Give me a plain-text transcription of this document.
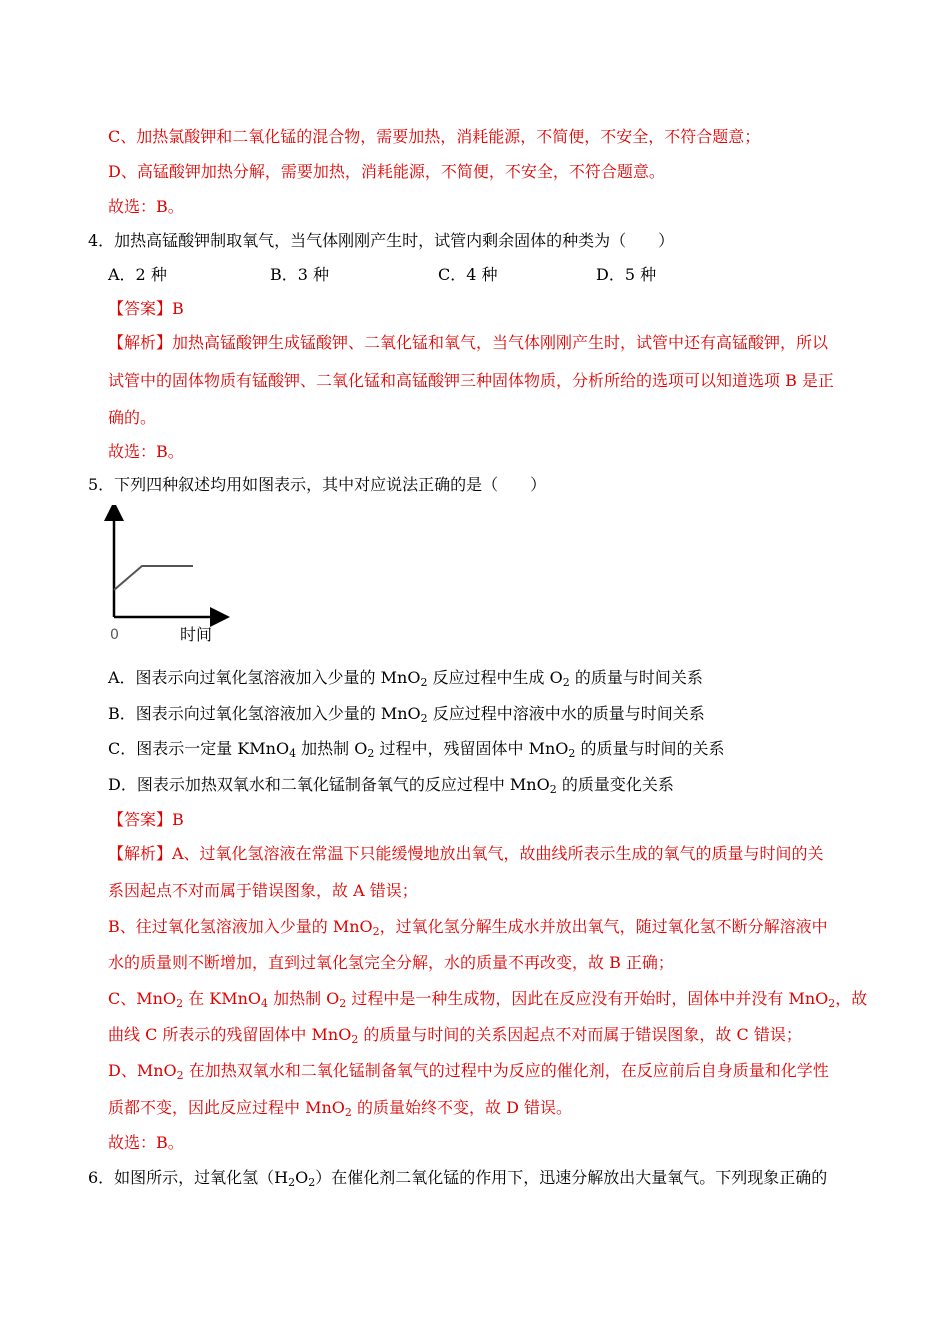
C、加热氯酸钾和二氧化锰的混合物，需要加热，消耗能源，不简便，不安全，不符合题意；
D、高锰酸钾加热分解，需要加热，消耗能源，不简便，不安全，不符合题意。
故选：B。
4．加热高锰酸钾制取氧气，当气体刚刚产生时，试管内剩余固体的种类为（　　）
A．2 种	B．3 种	C．4 种	D．5 种
【答案】B
【解析】加热高锰酸钾生成锰酸钾、二氧化锰和氧气，当气体刚刚产生时，试管中还有高锰酸钾，所以
试管中的固体物质有锰酸钾、二氧化锰和高锰酸钾三种固体物质，分析所给的选项可以知道选项 B 是正
确的。
故选：B。
5．下列四种叙述均用如图表示，其中对应说法正确的是（　　）
0	时间
A．图表示向过氧化氢溶液加入少量的 MnO$_2$ 反应过程中生成 $O_2$ 的质量与时间关系
B．图表示向过氧化氢溶液加入少量的 MnO$_2$ 反应过程中溶液中水的质量与时间关系
C．图表示一定量 KMnO$_4$ 加热制 $O_2$ 过程中，残留固体中 MnO$_2$ 的质量与时间的关系
D．图表示加热双氧水和二氧化锰制备氧气的反应过程中 MnO$_2$ 的质量变化关系
【答案】B
【解析】A、过氧化氢溶液在常温下只能缓慢地放出氧气，故曲线所表示生成的氧气的质量与时间的关
系因起点不对而属于错误图象，故 A 错误；
B、往过氧化氢溶液加入少量的 MnO$_2$，过氧化氢分解生成水并放出氧气，随过氧化氢不断分解溶液中
水的质量则不断增加，直到过氧化氢完全分解，水的质量不再改变，故 B 正确；
C、MnO$_2$ 在 KMnO$_4$ 加热制 $O_2$ 过程中是一种生成物，因此在反应没有开始时，固体中并没有 MnO$_2$，故
曲线 C 所表示的残留固体中 MnO$_2$ 的质量与时间的关系因起点不对而属于错误图象，故 C 错误；
D、MnO$_2$ 在加热双氧水和二氧化锰制备氧气的过程中为反应的催化剂，在反应前后自身质量和化学性
质都不变，因此反应过程中 MnO$_2$ 的质量始终不变，故 D 错误。
故选：B。
6．如图所示，过氧化氢$(H_2O_2)$在催化剂二氧化锰的作用下，迅速分解放出大量氧气。下列现象正确的
